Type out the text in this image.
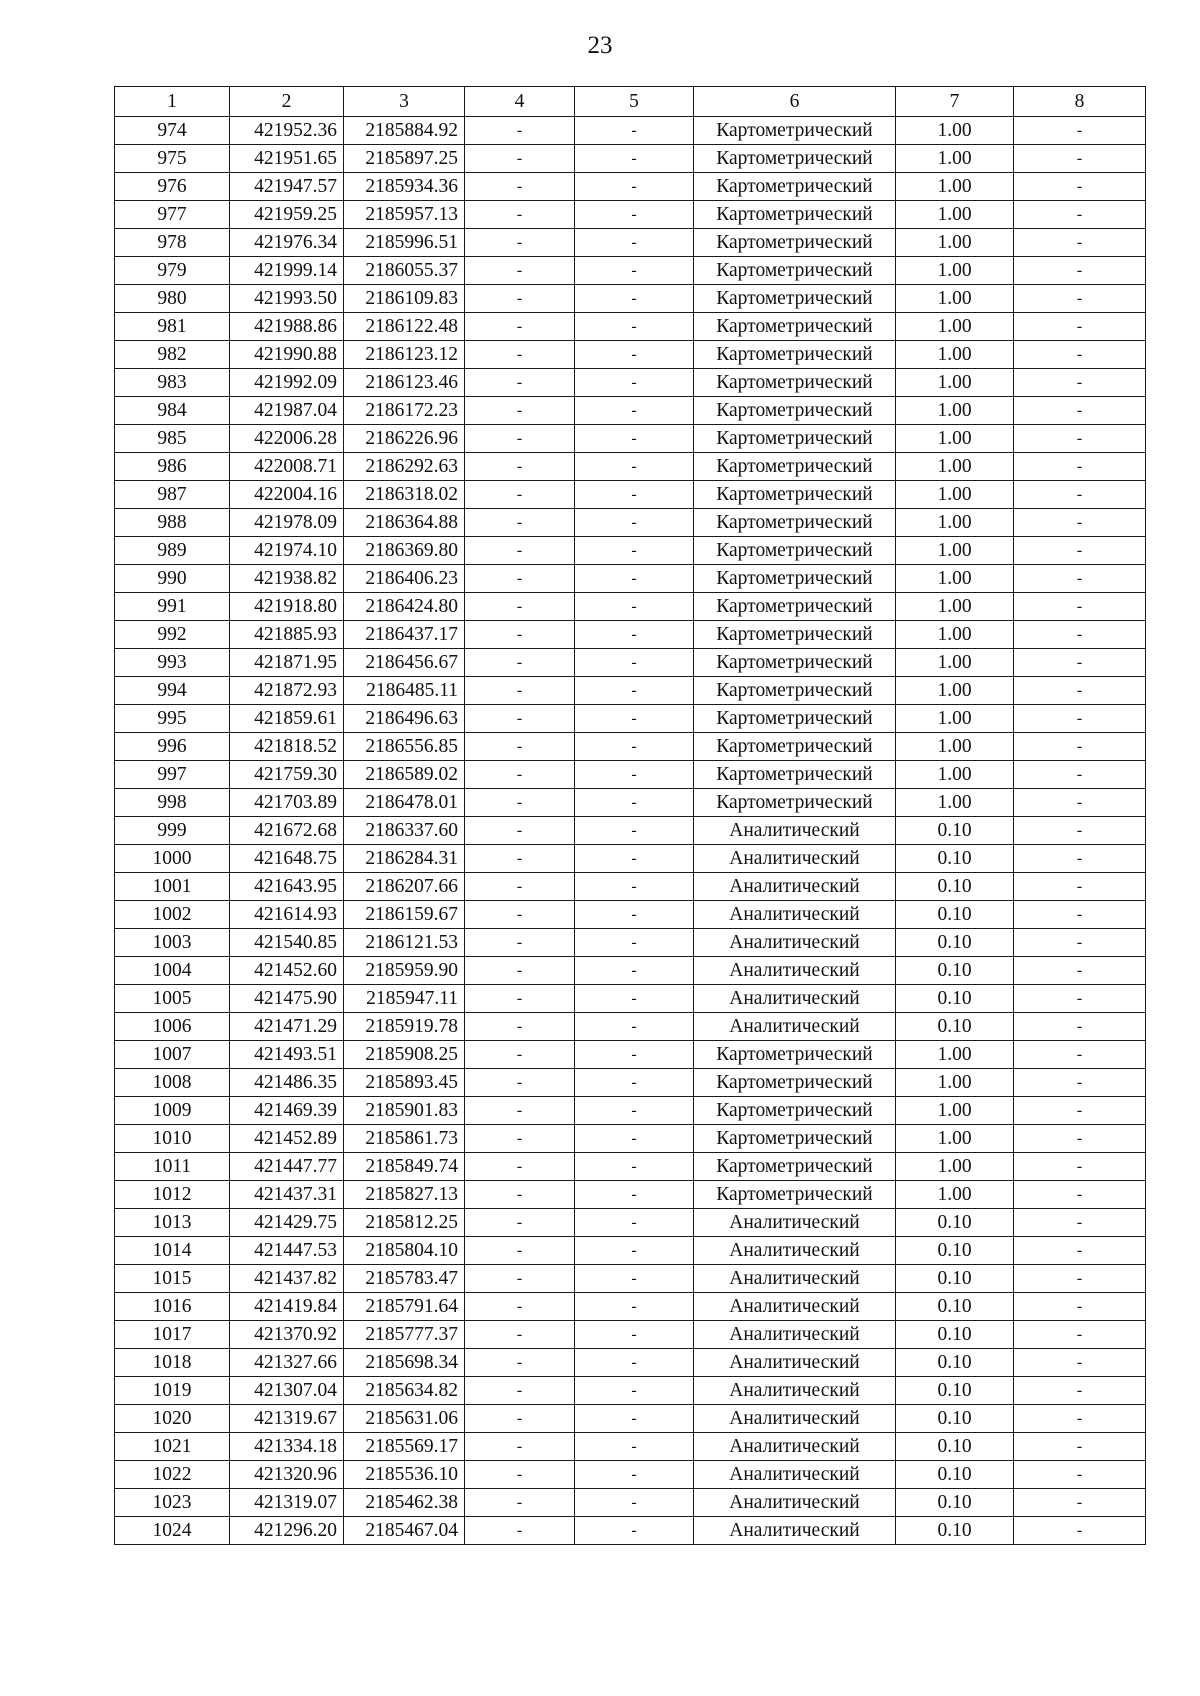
23
1	2	3	4	5	6	7	8
974	421952.36	2185884.92	-	-	Картометрический	1.00	-
975	421951.65	2185897.25	-	-	Картометрический	1.00	-
976	421947.57	2185934.36	-	-	Картометрический	1.00	-
977	421959.25	2185957.13	-	-	Картометрический	1.00	-
978	421976.34	2185996.51	-	-	Картометрический	1.00	-
979	421999.14	2186055.37	-	-	Картометрический	1.00	-
980	421993.50	2186109.83	-	-	Картометрический	1.00	-
981	421988.86	2186122.48	-	-	Картометрический	1.00	-
982	421990.88	2186123.12	-	-	Картометрический	1.00	-
983	421992.09	2186123.46	-	-	Картометрический	1.00	-
984	421987.04	2186172.23	-	-	Картометрический	1.00	-
985	422006.28	2186226.96	-	-	Картометрический	1.00	-
986	422008.71	2186292.63	-	-	Картометрический	1.00	-
987	422004.16	2186318.02	-	-	Картометрический	1.00	-
988	421978.09	2186364.88	-	-	Картометрический	1.00	-
989	421974.10	2186369.80	-	-	Картометрический	1.00	-
990	421938.82	2186406.23	-	-	Картометрический	1.00	-
991	421918.80	2186424.80	-	-	Картометрический	1.00	-
992	421885.93	2186437.17	-	-	Картометрический	1.00	-
993	421871.95	2186456.67	-	-	Картометрический	1.00	-
994	421872.93	2186485.11	-	-	Картометрический	1.00	-
995	421859.61	2186496.63	-	-	Картометрический	1.00	-
996	421818.52	2186556.85	-	-	Картометрический	1.00	-
997	421759.30	2186589.02	-	-	Картометрический	1.00	-
998	421703.89	2186478.01	-	-	Картометрический	1.00	-
999	421672.68	2186337.60	-	-	Аналитический	0.10	-
1000	421648.75	2186284.31	-	-	Аналитический	0.10	-
1001	421643.95	2186207.66	-	-	Аналитический	0.10	-
1002	421614.93	2186159.67	-	-	Аналитический	0.10	-
1003	421540.85	2186121.53	-	-	Аналитический	0.10	-
1004	421452.60	2185959.90	-	-	Аналитический	0.10	-
1005	421475.90	2185947.11	-	-	Аналитический	0.10	-
1006	421471.29	2185919.78	-	-	Аналитический	0.10	-
1007	421493.51	2185908.25	-	-	Картометрический	1.00	-
1008	421486.35	2185893.45	-	-	Картометрический	1.00	-
1009	421469.39	2185901.83	-	-	Картометрический	1.00	-
1010	421452.89	2185861.73	-	-	Картометрический	1.00	-
1011	421447.77	2185849.74	-	-	Картометрический	1.00	-
1012	421437.31	2185827.13	-	-	Картометрический	1.00	-
1013	421429.75	2185812.25	-	-	Аналитический	0.10	-
1014	421447.53	2185804.10	-	-	Аналитический	0.10	-
1015	421437.82	2185783.47	-	-	Аналитический	0.10	-
1016	421419.84	2185791.64	-	-	Аналитический	0.10	-
1017	421370.92	2185777.37	-	-	Аналитический	0.10	-
1018	421327.66	2185698.34	-	-	Аналитический	0.10	-
1019	421307.04	2185634.82	-	-	Аналитический	0.10	-
1020	421319.67	2185631.06	-	-	Аналитический	0.10	-
1021	421334.18	2185569.17	-	-	Аналитический	0.10	-
1022	421320.96	2185536.10	-	-	Аналитический	0.10	-
1023	421319.07	2185462.38	-	-	Аналитический	0.10	-
1024	421296.20	2185467.04	-	-	Аналитический	0.10	-
